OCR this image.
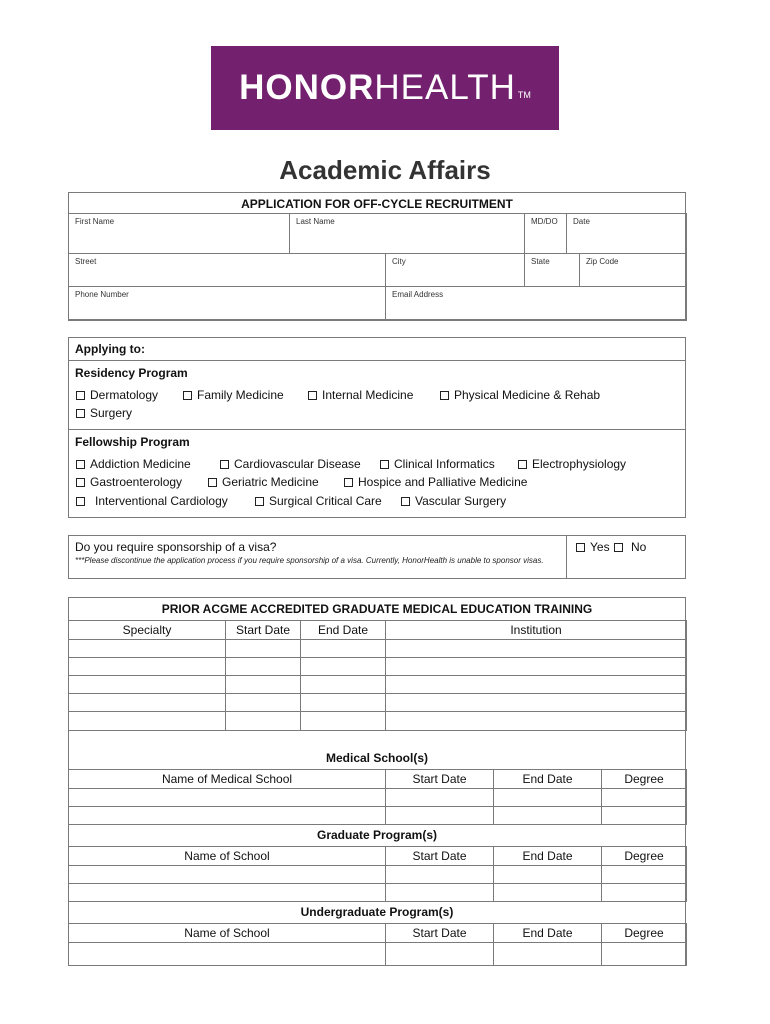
HONOR HEALTH TM
Academic Affairs
APPLICATION FOR OFF-CYCLE RECRUITMENT
First Name	Last Name	MD/DO Date
Street	City	State	Zip Code
Phone Number	Email Address
Applying to:
Residency Program
Dermatology	Family Medicine	Internal Medicine	Physical Medicine & Rehab
Surgery
Fellowship Program
Addiction Medicine	Cardiovascular Disease	Clinical Informatics	Electrophysiology
Gastroenterology	Geriatric Medicine	Hospice and Palliative Medicine
Interventional Cardiology	Surgical Critical Care	Vascular Surgery
Do you require sponsorship of a visa?
***Please discontinue the application process if you require sponsorship of a visa. Currently, HonorHealth is unable to sponsor visas.
Yes	No
PRIOR ACGME ACCREDITED GRADUATE MEDICAL EDUCATION TRAINING
Specialty	Start Date	End Date	Institution
Medical School(s)
Name of Medical School	Start Date	End Date	Degree
Graduate Program(s)
Name of School	Start Date	End Date	Degree
Undergraduate Program(s)
Name of School	Start Date	End Date	Degree
